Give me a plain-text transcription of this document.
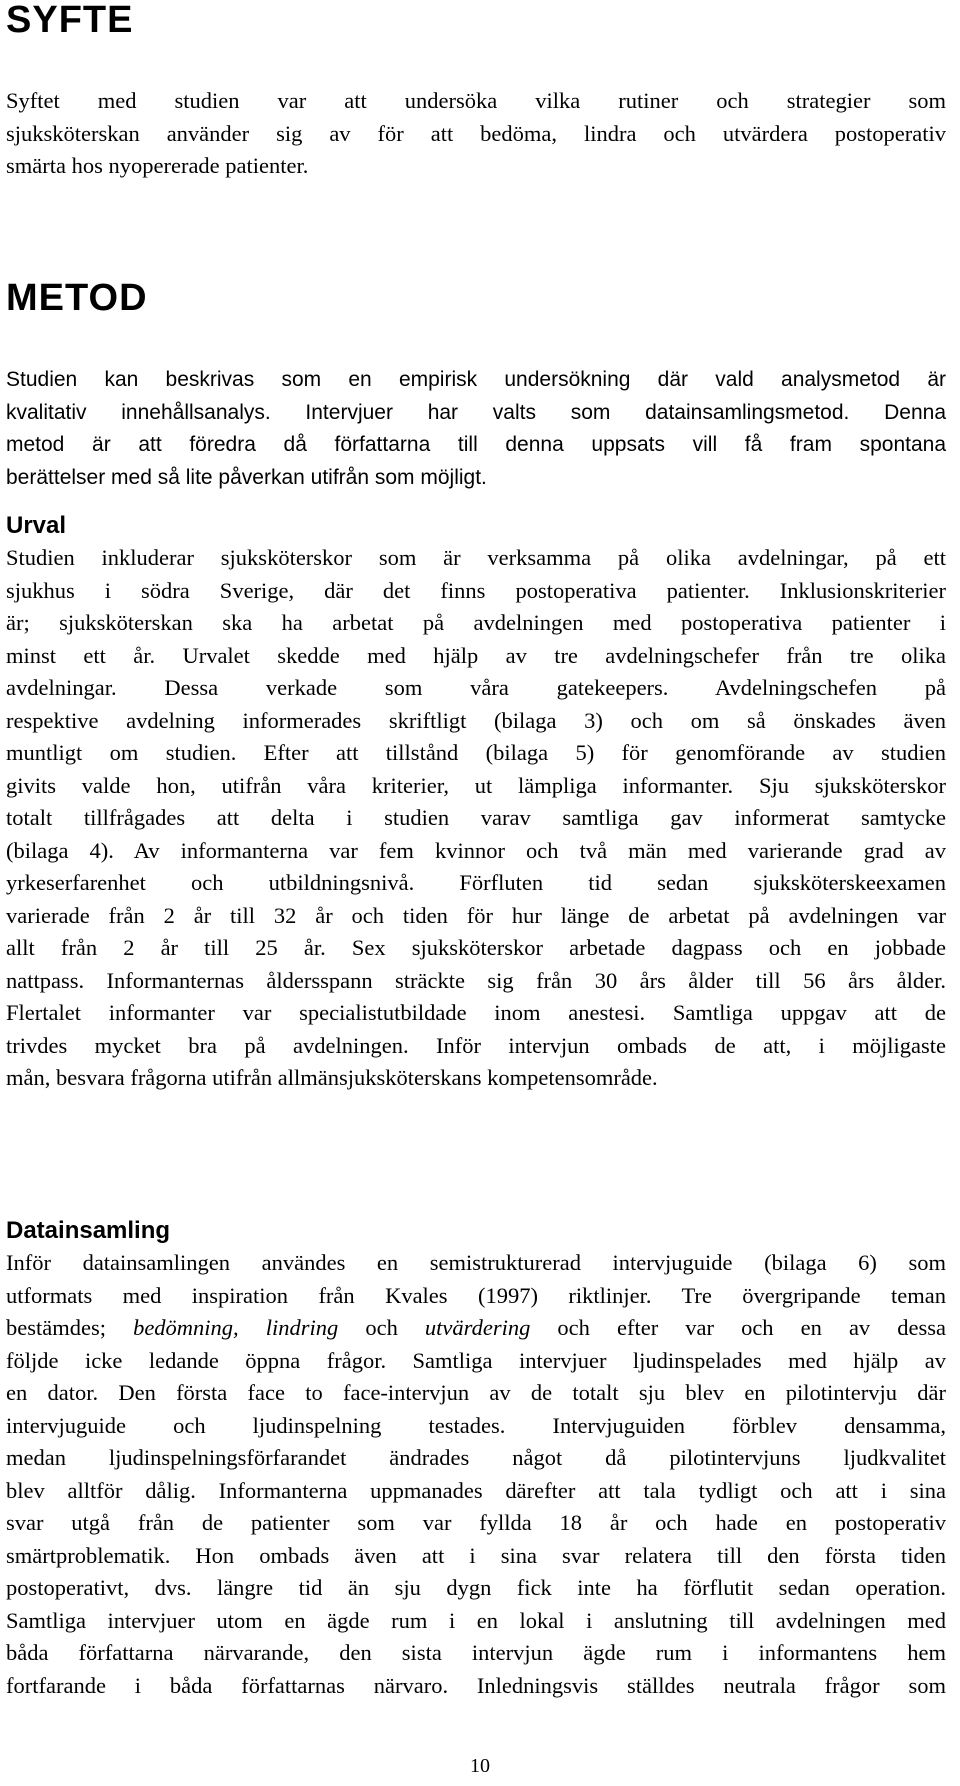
SYFTE
Syftet med studien var att undersöka vilka rutiner och strategier som
sjuksköterskan använder sig av för att bedöma, lindra och utvärdera postoperativ
smärta hos nyopererade patienter.
METOD
Studien kan beskrivas som en empirisk undersökning där vald analysmetod är
kvalitativ innehållsanalys. Intervjuer har valts som datainsamlingsmetod. Denna
metod är att föredra då författarna till denna uppsats vill få fram spontana
berättelser med så lite påverkan utifrån som möjligt.
Urval
Studien inkluderar sjuksköterskor som är verksamma på olika avdelningar, på ett
sjukhus i södra Sverige, där det finns postoperativa patienter. Inklusionskriterier
är; sjuksköterskan ska ha arbetat på avdelningen med postoperativa patienter i
minst ett år. Urvalet skedde med hjälp av tre avdelningschefer från tre olika
avdelningar. Dessa verkade som våra gatekeepers. Avdelningschefen på
respektive avdelning informerades skriftligt (bilaga 3) och om så önskades även
muntligt om studien. Efter att tillstånd (bilaga 5) för genomförande av studien
givits valde hon, utifrån våra kriterier, ut lämpliga informanter. Sju sjuksköterskor
totalt tillfrågades att delta i studien varav samtliga gav informerat samtycke
(bilaga 4). Av informanterna var fem kvinnor och två män med varierande grad av
yrkeserfarenhet och utbildningsnivå. Förfluten tid sedan sjuksköterskeexamen
varierade från 2 år till 32 år och tiden för hur länge de arbetat på avdelningen var
allt från 2 år till 25 år. Sex sjuksköterskor arbetade dagpass och en jobbade
nattpass. Informanternas åldersspann sträckte sig från 30 års ålder till 56 års ålder.
Flertalet informanter var specialistutbildade inom anestesi. Samtliga uppgav att de
trivdes mycket bra på avdelningen. Inför intervjun ombads de att, i möjligaste
mån, besvara frågorna utifrån allmänsjuksköterskans kompetensområde.
Datainsamling
Inför datainsamlingen användes en semistrukturerad intervjuguide (bilaga 6) som
utformats med inspiration från Kvales (1997) riktlinjer. Tre övergripande teman
bestämdes; bedömning, lindring och utvärdering och efter var och en av dessa
följde icke ledande öppna frågor. Samtliga intervjuer ljudinspelades med hjälp av
en dator. Den första face to face-intervjun av de totalt sju blev en pilotintervju där
intervjuguide och ljudinspelning testades. Intervjuguiden förblev densamma,
medan ljudinspelningsförfarandet ändrades något då pilotintervjuns ljudkvalitet
blev alltför dålig. Informanterna uppmanades därefter att tala tydligt och att i sina
svar utgå från de patienter som var fyllda 18 år och hade en postoperativ
smärtproblematik. Hon ombads även att i sina svar relatera till den första tiden
postoperativt, dvs. längre tid än sju dygn fick inte ha förflutit sedan operation.
Samtliga intervjuer utom en ägde rum i en lokal i anslutning till avdelningen med
båda författarna närvarande, den sista intervjun ägde rum i informantens hem
fortfarande i båda författarnas närvaro. Inledningsvis ställdes neutrala frågor som

10
